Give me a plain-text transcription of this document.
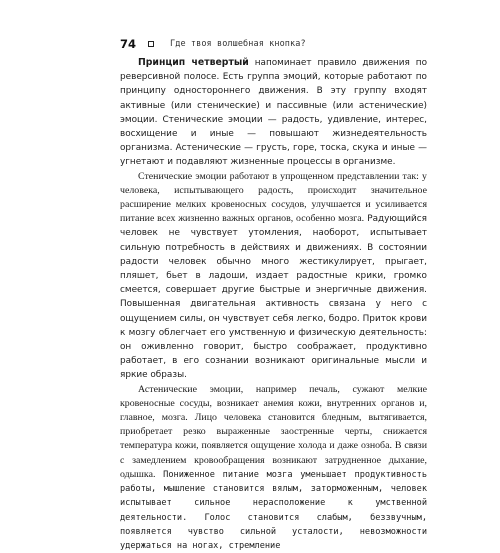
74	Где твоя волшебная кнопка?

Принцип четвертый напоминает правило движения по реверсивной полосе. Есть группа эмоций, которые работают по принципу одностороннего движения. В эту группу входят активные (или стенические) и пассивные (или астенические) эмоции. Стенические эмоции — радость, удивление, интерес, восхищение и иные — повышают жизнедеятельность организма. Астенические — грусть, горе, тоска, скука и иные — угнетают и подавляют жизненные процессы в организме.

Стенические эмоции работают в упрощенном представлении так: у человека, испытывающего радость, происходит значительное расширение мелких кровеносных сосудов, улучшается и усиливается питание всех жизненно важных органов, особенно мозга. Радующийся человек не чувствует утомления, наоборот, испытывает сильную потребность в действиях и движениях. В состоянии радости человек обычно много жестикулирует, прыгает, пляшет, бьет в ладоши, издает радостные крики, громко смеется, совершает другие быстрые и энергичные движения. Повышенная двигательная активность связана у него с ощущением силы, он чувствует себя легко, бодро. Приток крови к мозгу облегчает его умственную и физическую деятельность: он оживленно говорит, быстро соображает, продуктивно работает, в его сознании возникают оригинальные мысли и яркие образы.

Астенические эмоции, например печаль, сужают мелкие кровеносные сосуды, возникает анемия кожи, внутренних органов и, главное, мозга. Лицо человека становится бледным, вытягивается, приобретает резко выраженные заостренные черты, снижается температура кожи, появляется ощущение холода и даже озноба. В связи с замедлением кровообращения возникают затрудненное дыхание, одышка. Пониженное питание мозга уменьшает продуктивность работы, мышление становится вялым, заторможенным, человек испытывает сильное нерасположение к умственной деятельности. Голос становится слабым, беззвучным, появляется чувство сильной усталости, невозможности удержаться на ногах, стремление
